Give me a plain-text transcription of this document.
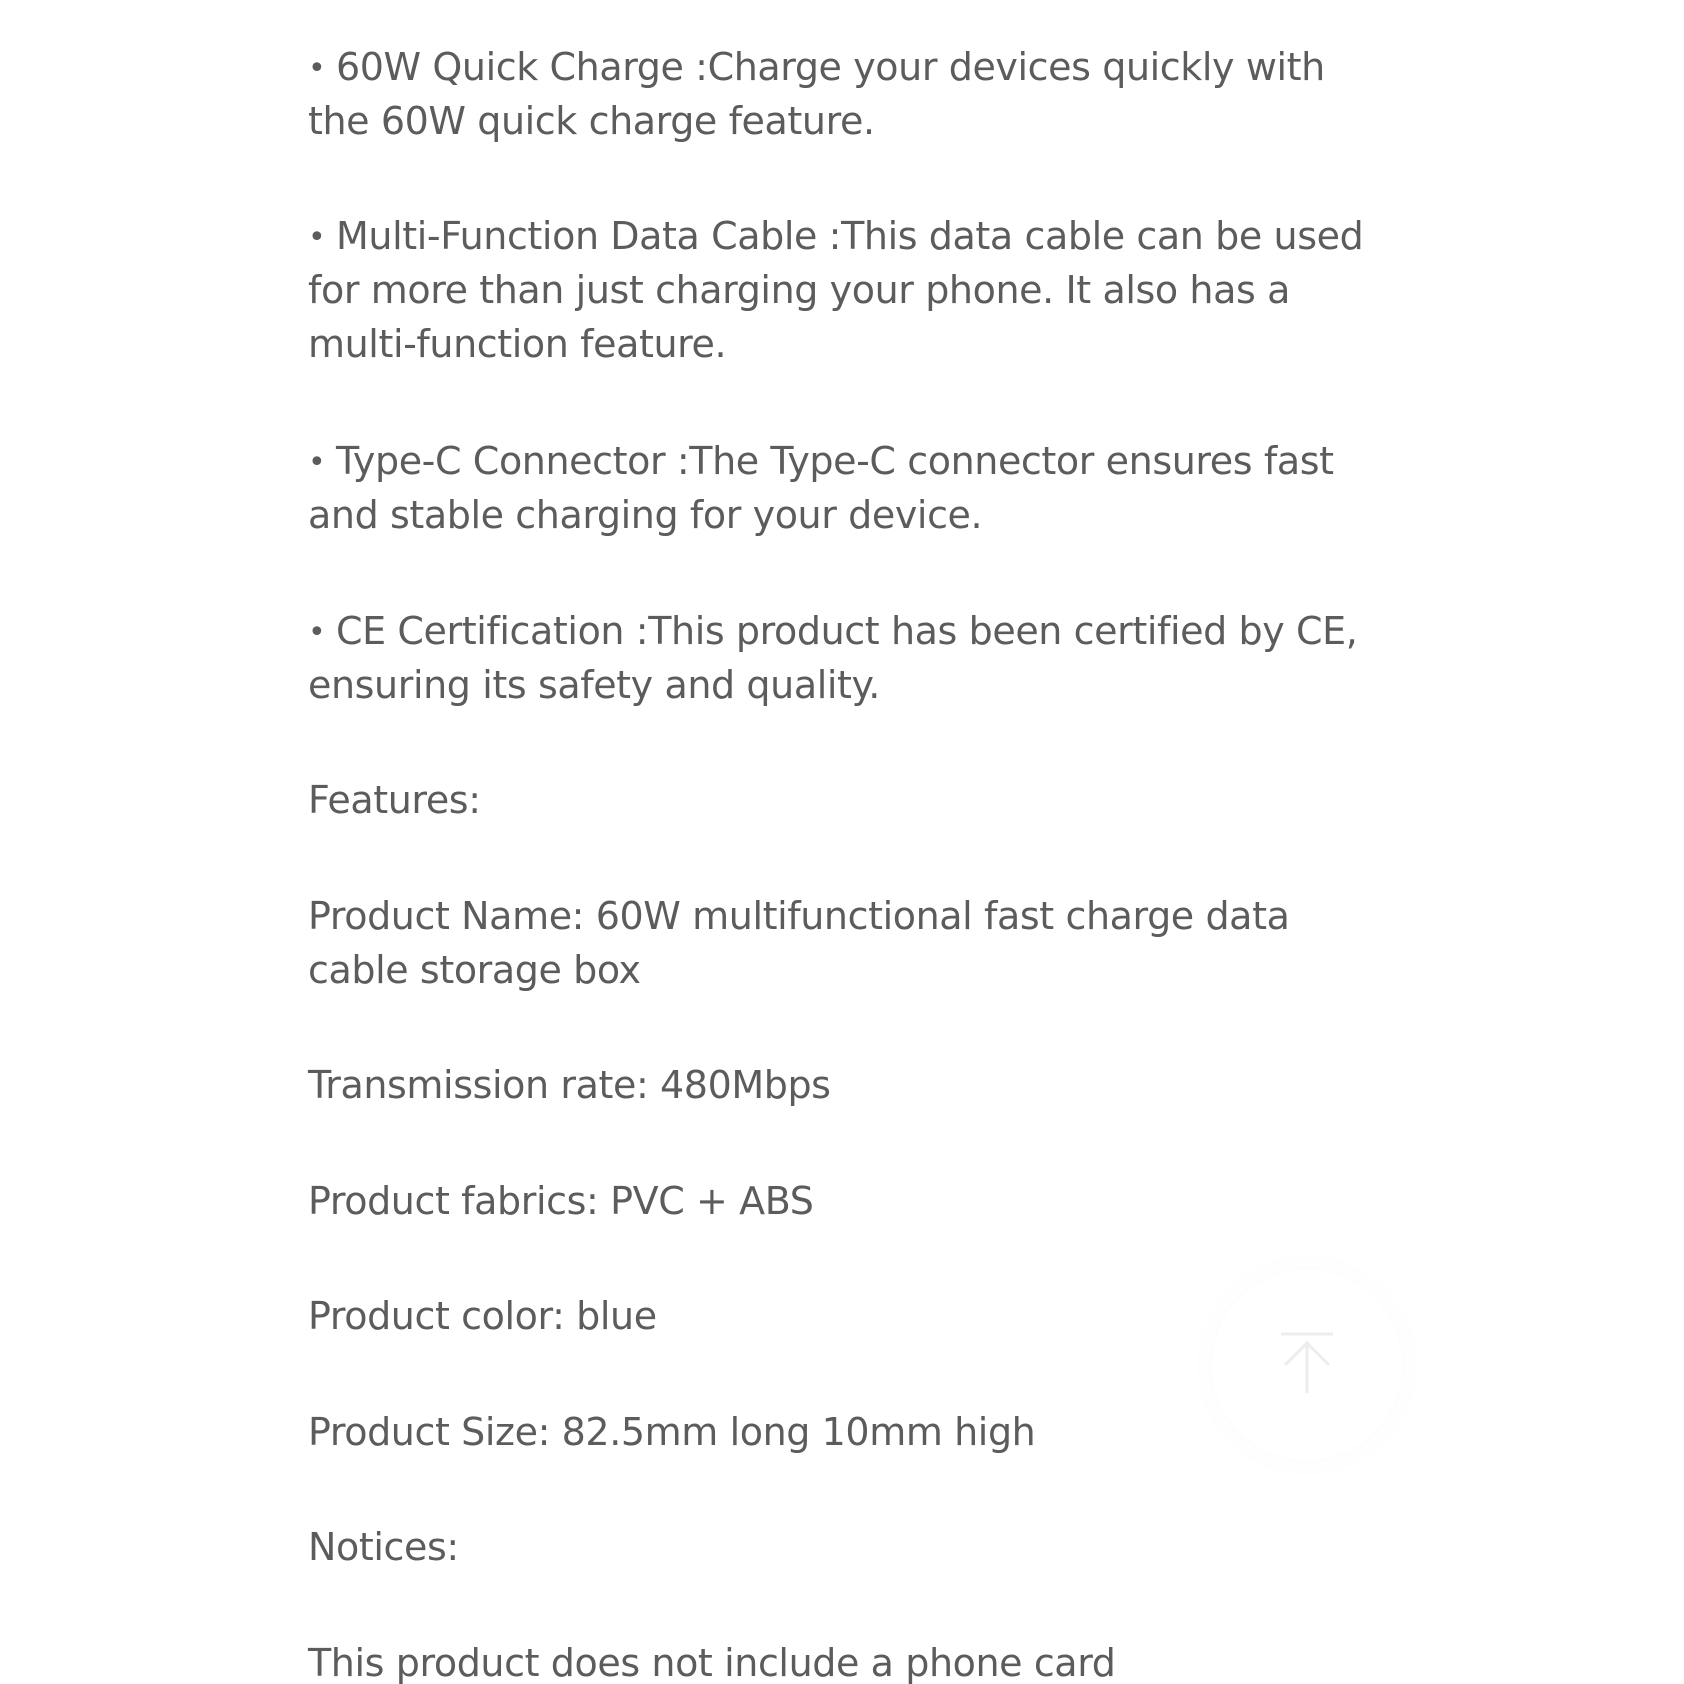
• 60W Quick Charge :Charge your devices quickly with

the 60W quick charge feature.

• Multi-Function Data Cable :This data cable can be used

for more than just charging your phone. It also has a

multi-function feature.

• Type-C Connector :The Type-C connector ensures fast

and stable charging for your device.

• CE Certification :This product has been certified by CE,

ensuring its safety and quality.

Features:

Product Name: 60W multifunctional fast charge data

cable storage box

Transmission rate: 480Mbps

Product fabrics: PVC + ABS

Product color: blue

Product Size: 82.5mm long 10mm high

Notices:

This product does not include a phone card
